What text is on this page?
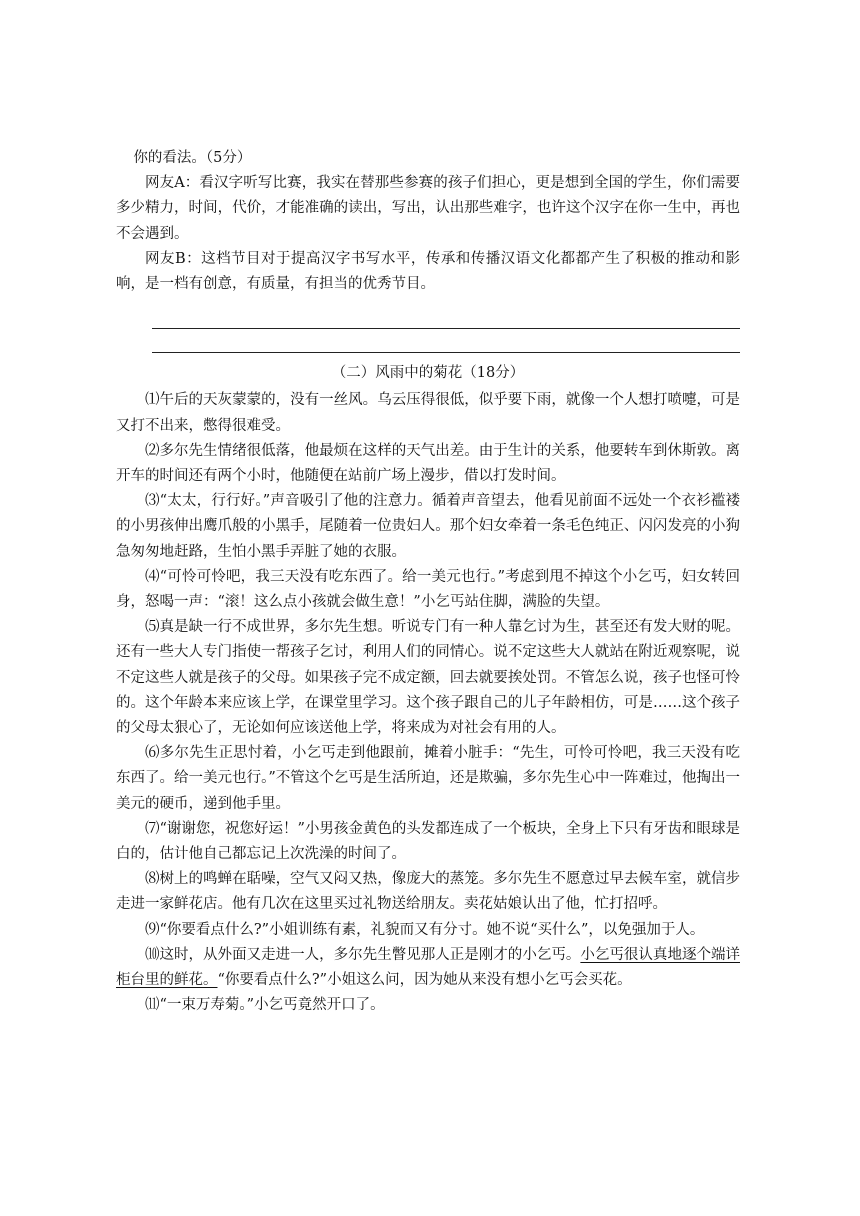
你的看法。（5分）

网友A：看汉字听写比赛，我实在替那些参赛的孩子们担心，更是想到全国的学生，你们需要多少精力，时间，代价，才能准确的读出，写出，认出那些难字，也许这个汉字在你一生中，再也不会遇到。

网友B：这档节目对于提高汉字书写水平，传承和传播汉语文化都都产生了积极的推动和影响，是一档有创意，有质量，有担当的优秀节目。

（二）风雨中的菊花（18分）

⑴午后的天灰蒙蒙的，没有一丝风。乌云压得很低，似乎要下雨，就像一个人想打喷嚏，可是又打不出来，憋得很难受。

⑵多尔先生情绪很低落，他最烦在这样的天气出差。由于生计的关系，他要转车到休斯敦。离开车的时间还有两个小时，他随便在站前广场上漫步，借以打发时间。

⑶“太太，行行好。”声音吸引了他的注意力。循着声音望去，他看见前面不远处一个衣衫褴褛的小男孩伸出鹰爪般的小黑手，尾随着一位贵妇人。那个妇女牵着一条毛色纯正、闪闪发亮的小狗急匆匆地赶路，生怕小黑手弄脏了她的衣服。

⑷“可怜可怜吧，我三天没有吃东西了。给一美元也行。”考虑到甩不掉这个小乞丐，妇女转回身，怒喝一声：“滚！这么点小孩就会做生意！”小乞丐站住脚，满脸的失望。

⑸真是缺一行不成世界，多尔先生想。听说专门有一种人靠乞讨为生，甚至还有发大财的呢。还有一些大人专门指使一帮孩子乞讨，利用人们的同情心。说不定这些大人就站在附近观察呢，说不定这些人就是孩子的父母。如果孩子完不成定额，回去就要挨处罚。不管怎么说，孩子也怪可怜的。这个年龄本来应该上学，在课堂里学习。这个孩子跟自己的儿子年龄相仿，可是……这个孩子的父母太狠心了，无论如何应该送他上学，将来成为对社会有用的人。

⑹多尔先生正思忖着，小乞丐走到他跟前，摊着小脏手：“先生，可怜可怜吧，我三天没有吃东西了。给一美元也行。”不管这个乞丐是生活所迫，还是欺骗，多尔先生心中一阵难过，他掏出一美元的硬币，递到他手里。

⑺“谢谢您，祝您好运！”小男孩金黄色的头发都连成了一个板块，全身上下只有牙齿和眼球是白的，估计他自己都忘记上次洗澡的时间了。

⑻树上的鸣蝉在聒噪，空气又闷又热，像庞大的蒸笼。多尔先生不愿意过早去候车室，就信步走进一家鲜花店。他有几次在这里买过礼物送给朋友。卖花姑娘认出了他，忙打招呼。

⑼“你要看点什么?”小姐训练有素，礼貌而又有分寸。她不说“买什么”，以免强加于人。

⑽这时，从外面又走进一人，多尔先生瞥见那人正是刚才的小乞丐。小乞丐很认真地逐个端详柜台里的鲜花。“你要看点什么?”小姐这么问，因为她从来没有想小乞丐会买花。

⑾“一束万寿菊。”小乞丐竟然开口了。
